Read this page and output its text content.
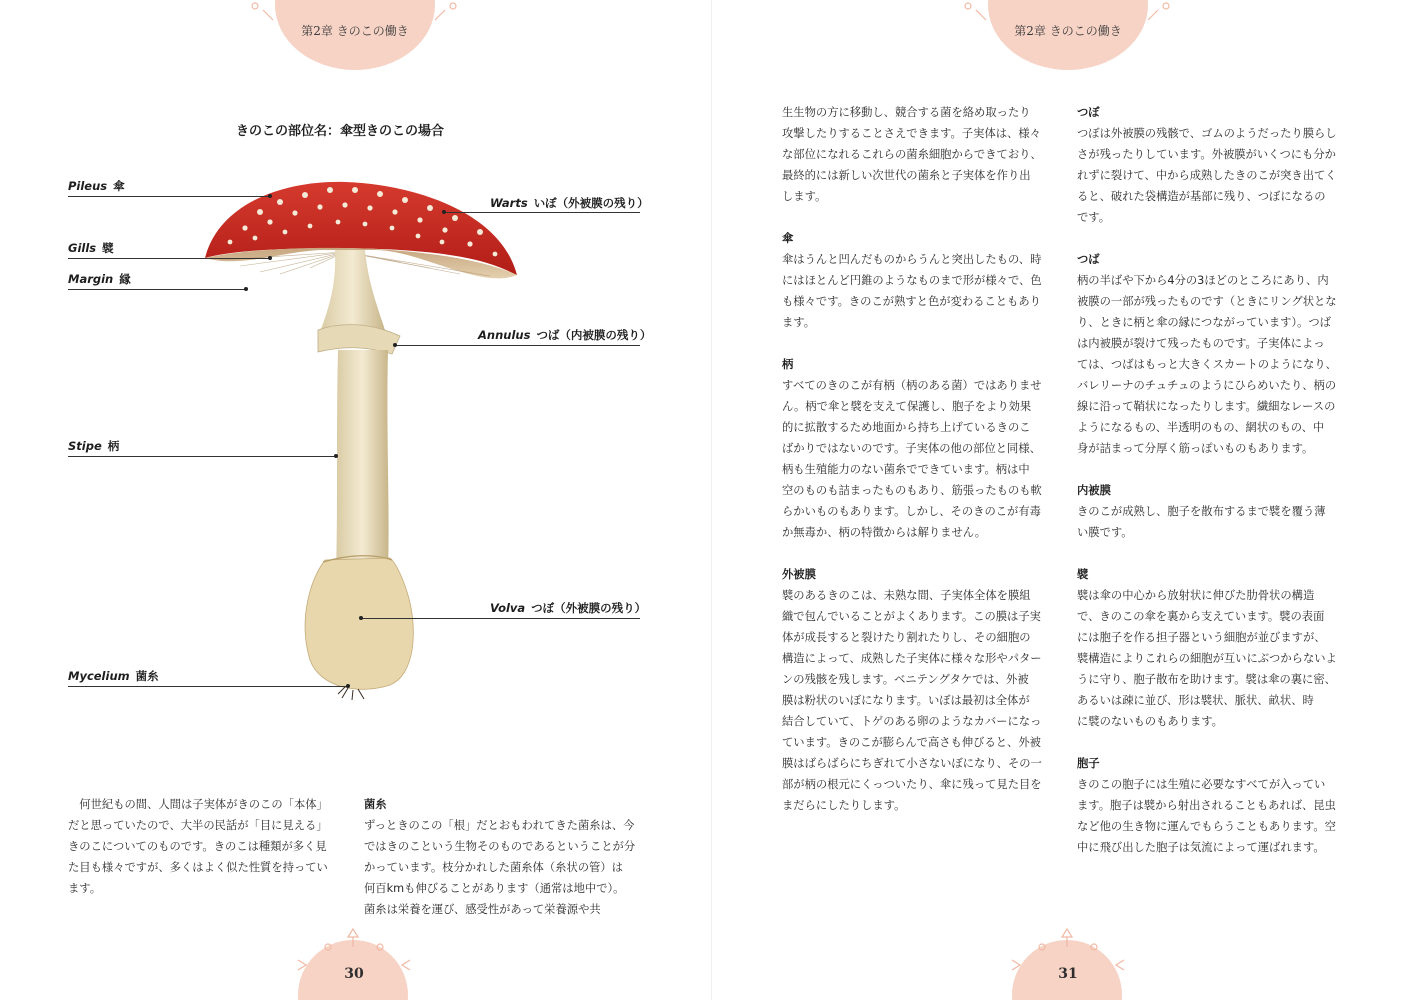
第2章 きのこの働き
きのこの部位名：傘型きのこの場合
Pileus 傘
Gills 襞
Margin 縁
Warts いぼ（外被膜の残り）
Annulus つば（内被膜の残り）
Stipe 柄
Volva つぼ（外被膜の残り）
Mycelium 菌糸

何世紀もの間、人間は子実体がきのこの「本体」

だと思っていたので、大半の民話が「目に見える」

きのこについてのものです。きのこは種類が多く見

た目も様々ですが、多くはよく似た性質を持ってい

ます。

菌糸

ずっときのこの「根」だとおもわれてきた菌糸は、今

ではきのこという生物そのものであるということが分

かっています。枝分かれした菌糸体（糸状の管）は

何百kmも伸びることがあります（通常は地中で）。

菌糸は栄養を運び、感受性があって栄養源や共

30
第2章 きのこの働き

生生物の方に移動し、競合する菌を絡め取ったり

攻撃したりすることさえできます。子実体は、様々

な部位になれるこれらの菌糸細胞からできており、

最終的には新しい次世代の菌糸と子実体を作り出

します。

傘

傘はうんと凹んだものからうんと突出したもの、時

にはほとんど円錐のようなものまで形が様々で、色

も様々です。きのこが熟すと色が変わることもあり

ます。

柄

すべてのきのこが有柄（柄のある菌）ではありませ

ん。柄で傘と襞を支えて保護し、胞子をより効果

的に拡散するため地面から持ち上げているきのこ

ばかりではないのです。子実体の他の部位と同様、

柄も生殖能力のない菌糸でできています。柄は中

空のものも詰まったものもあり、筋張ったものも軟

らかいものもあります。しかし、そのきのこが有毒

か無毒か、柄の特徴からは解りません。

外被膜

襞のあるきのこは、未熟な間、子実体全体を膜組

織で包んでいることがよくあります。この膜は子実

体が成長すると裂けたり割れたりし、その細胞の

構造によって、成熟した子実体に様々な形やパター

ンの残骸を残します。ベニテングタケでは、外被

膜は粉状のいぼになります。いぼは最初は全体が

結合していて、トゲのある卵のようなカバーになっ

ています。きのこが膨らんで高さも伸びると、外被

膜はばらばらにちぎれて小さないぼになり、その一

部が柄の根元にくっついたり、傘に残って見た目を

まだらにしたりします。

つぼ

つぼは外被膜の残骸で、ゴムのようだったり膜らし

さが残ったりしています。外被膜がいくつにも分か

れずに裂けて、中から成熟したきのこが突き出てく

ると、破れた袋構造が基部に残り、つぼになるの

です。

つば

柄の半ばや下から4分の3ほどのところにあり、内

被膜の一部が残ったものです（ときにリング状とな

り、ときに柄と傘の縁につながっています）。つば

は内被膜が裂けて残ったものです。子実体によっ

ては、つばはもっと大きくスカートのようになり、

バレリーナのチュチュのようにひらめいたり、柄の

線に沿って鞘状になったりします。繊細なレースの

ようになるもの、半透明のもの、網状のもの、中

身が詰まって分厚く筋っぽいものもあります。

内被膜

きのこが成熟し、胞子を散布するまで襞を覆う薄

い膜です。

襞

襞は傘の中心から放射状に伸びた肋骨状の構造

で、きのこの傘を裏から支えています。襞の表面

には胞子を作る担子器という細胞が並びますが、

襞構造によりこれらの細胞が互いにぶつからないよ

うに守り、胞子散布を助けます。襞は傘の裏に密、

あるいは疎に並び、形は襞状、脈状、畝状、時

に襞のないものもあります。

胞子

きのこの胞子には生殖に必要なすべてが入ってい

ます。胞子は襞から射出されることもあれば、昆虫

など他の生き物に運んでもらうこともあります。空

中に飛び出した胞子は気流によって運ばれます。

31
